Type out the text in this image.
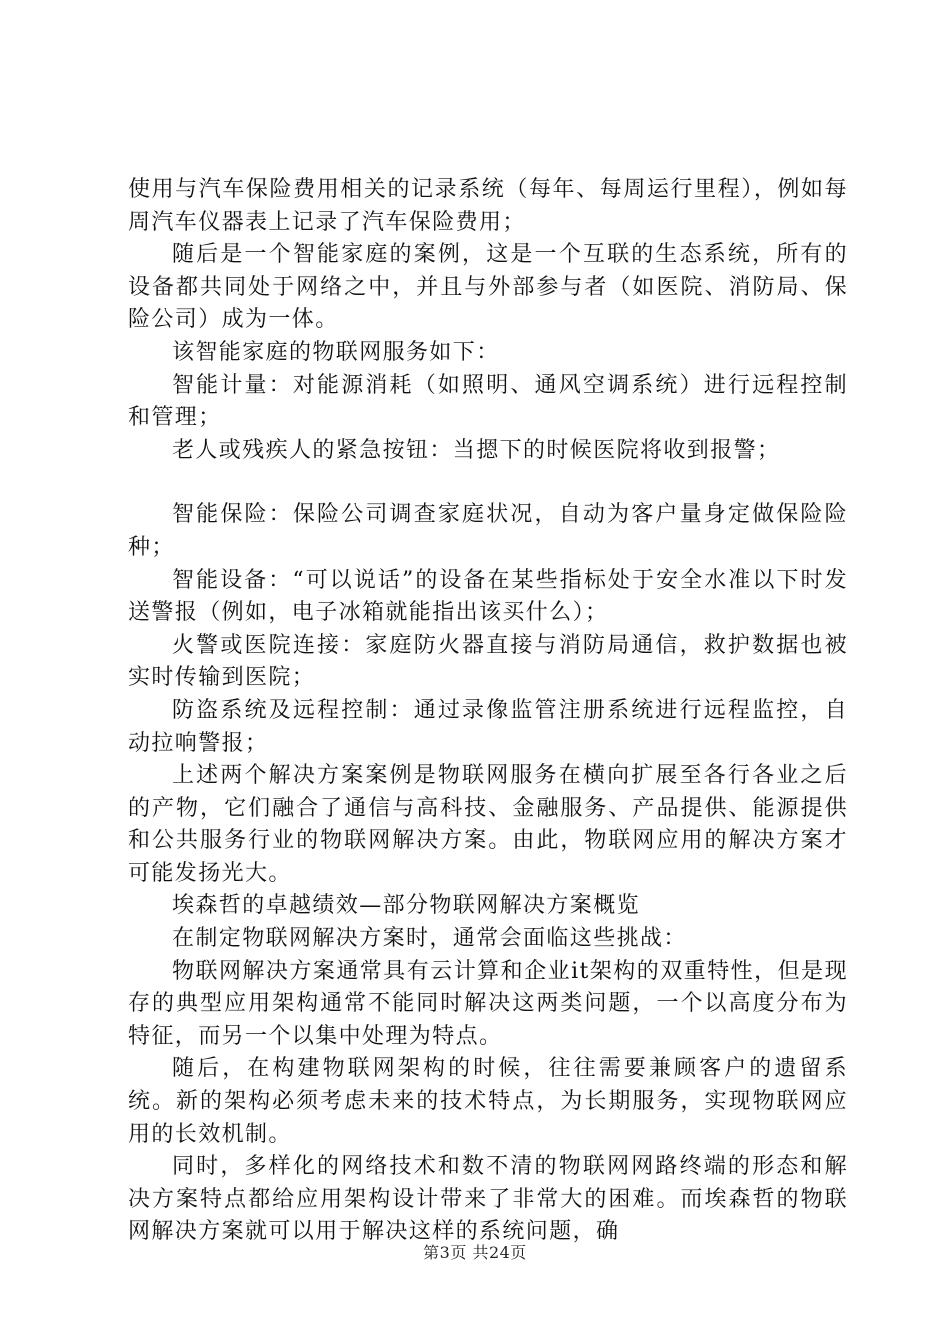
使用与汽车保险费用相关的记录系统（每年、每周运行里程），例如每周汽车仪器表上记录了汽车保险费用；

随后是一个智能家庭的案例，这是一个互联的生态系统，所有的设备都共同处于网络之中，并且与外部参与者（如医院、消防局、保险公司）成为一体。

该智能家庭的物联网服务如下：

智能计量：对能源消耗（如照明、通风空调系统）进行远程控制和管理；

老人或残疾人的紧急按钮：当摁下的时候医院将收到报警；

智能保险：保险公司调查家庭状况，自动为客户量身定做保险险种；

智能设备：“可以说话”的设备在某些指标处于安全水准以下时发送警报（例如，电子冰箱就能指出该买什么）；

火警或医院连接：家庭防火器直接与消防局通信，救护数据也被实时传输到医院；

防盗系统及远程控制：通过录像监管注册系统进行远程监控，自动拉响警报；

上述两个解决方案案例是物联网服务在横向扩展至各行各业之后的产物，它们融合了通信与高科技、金融服务、产品提供、能源提供和公共服务行业的物联网解决方案。由此，物联网应用的解决方案才可能发扬光大。

埃森哲的卓越绩效—部分物联网解决方案概览

在制定物联网解决方案时，通常会面临这些挑战：

物联网解决方案通常具有云计算和企业it架构的双重特性，但是现存的典型应用架构通常不能同时解决这两类问题，一个以高度分布为特征，而另一个以集中处理为特点。

随后，在构建物联网架构的时候，往往需要兼顾客户的遗留系统。新的架构必须考虑未来的技术特点，为长期服务，实现物联网应用的长效机制。

同时，多样化的网络技术和数不清的物联网网路终端的形态和解决方案特点都给应用架构设计带来了非常大的困难。而埃森哲的物联网解决方案就可以用于解决这样的系统问题，确

第3页 共24页
